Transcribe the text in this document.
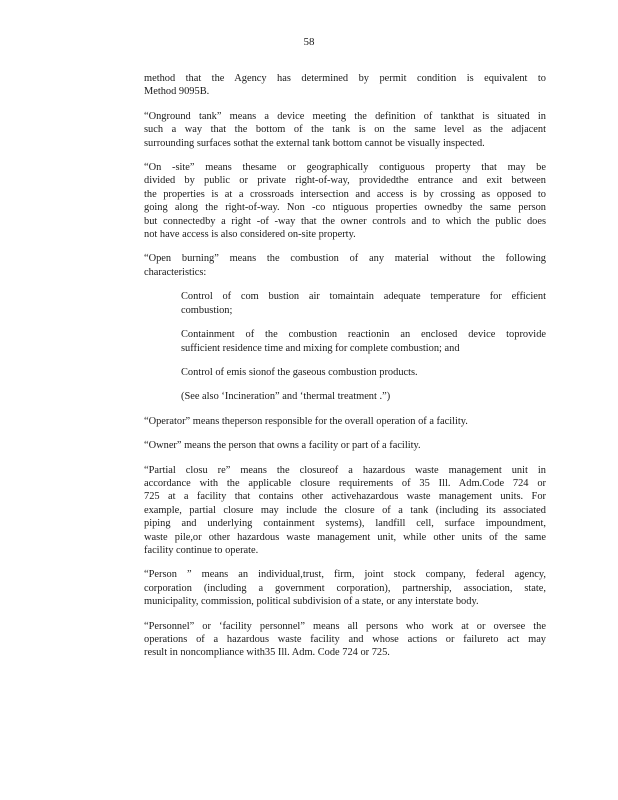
58

method that the Agency has determined by permit condition is equivalent to
Method 9095B.

“Onground tank” means a device meeting the definition of tankthat is situated in
such a way that the bottom of the tank is on the same level as the adjacent
surrounding surfaces sothat the external tank bottom cannot be visually inspected.

“On -site” means thesame or geographically contiguous property that may be
divided by public or private right-of-way, providedthe entrance and exit between
the properties is at a crossroads intersection and access is by crossing as opposed to
going along the right-of-way. Non -co ntiguous properties ownedby the same person
but connectedby a right -of -way that the owner controls and to which the public does
not have access is also considered on-site property.

“Open burning” means the combustion of any material without the following
characteristics:

Control of com bustion air tomaintain adequate temperature for efficient
combustion;

Containment of the combustion reactionin an enclosed device toprovide
sufficient residence time and mixing for complete combustion; and

Control of emis sionof the gaseous combustion products.

(See also ‘Incineration” and ‘thermal treatment .”)

“Operator” means theperson responsible for the overall operation of a facility.

“Owner” means the person that owns a facility or part of a facility.

“Partial closu re” means the closureof a hazardous waste management unit in
accordance with the applicable closure requirements of 35 Ill. Adm.Code 724 or
725 at a facility that contains other activehazardous waste management units. For
example, partial closure may include the closure of a tank (including its associated
piping and underlying containment systems), landfill cell, surface impoundment,
waste pile,or other hazardous waste management unit, while other units of the same
facility continue to operate.

“Person ” means an individual,trust, firm, joint stock company, federal agency,
corporation (including a government corporation), partnership, association, state,
municipality, commission, political subdivision of a state, or any interstate body.

“Personnel” or ‘facility personnel” means all persons who work at or oversee the
operations of a hazardous waste facility and whose actions or failureto act may
result in noncompliance with35 Ill. Adm. Code 724 or 725.
